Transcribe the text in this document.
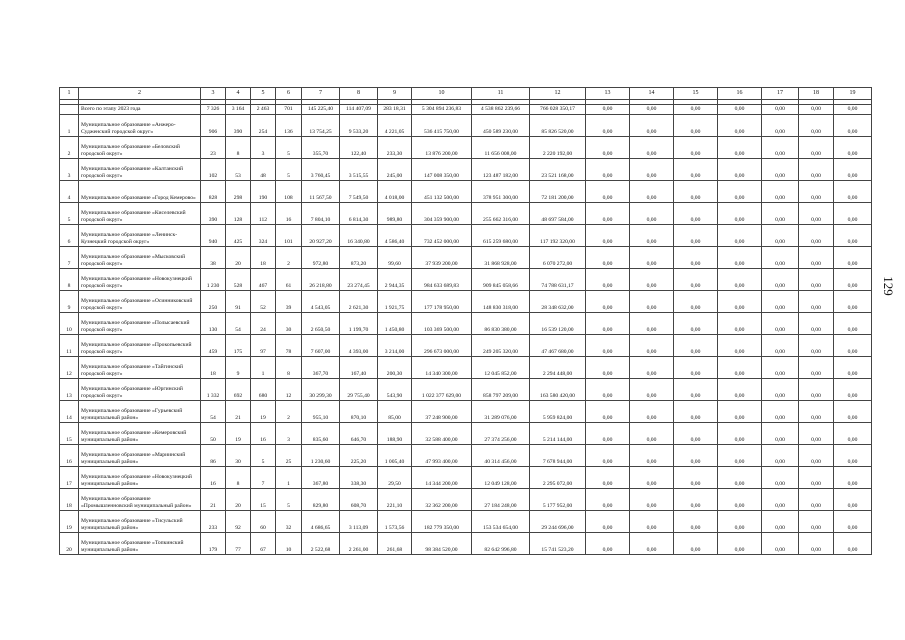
129
1	2	3	4	5	6	7	8	9	10	11	12	13	14	15	16	17	18	19

	Всего по этапу 2023 года	7 326	3 164	2 463	701	145 225,40	114 407,09	283 18,31	5 304 894 236,83	4 538 862 239,66	766 028 350,17	0,00	0,00	0,00	0,00	0,00	0,00	0,00
1	Муниципальное образование «Анжеро-Судженский городской округ»	906	390	254	136	13 754,25	9 533,20	4 221,05	536 415 750,00	450 589 230,00	85 826 520,00	0,00	0,00	0,00	0,00	0,00	0,00	0,00
2	Муниципальное образование «Беловский городской округ»	23	8	3	5	355,70	122,40	233,30	13 876 200,00	11 656 008,00	2 220 192,00	0,00	0,00	0,00	0,00	0,00	0,00	0,00
3	Муниципальное образование «Калтанский городской округ»	102	53	48	5	3 760,45	3 515,55	245,00	147 008 350,00	123 487 182,00	23 521 168,00	0,00	0,00	0,00	0,00	0,00	0,00	0,00
4	Муниципальное образование «Город Кемерово»	828	298	190	108	11 567,50	7 549,50	4 018,00	451 132 500,00	378 951 300,00	72 181 200,00	0,00	0,00	0,00	0,00	0,00	0,00	0,00
5	Муниципальное образование «Киселевский городской округ»	390	128	112	16	7 804,10	6 814,30	989,80	304 359 900,00	255 662 316,00	48 697 584,00	0,00	0,00	0,00	0,00	0,00	0,00	0,00
6	Муниципальное образование «Ленинск-Кузнецкий городской округ»	940	425	324	101	20 927,20	16 340,80	4 586,40	732 452 000,00	615 259 680,00	117 192 320,00	0,00	0,00	0,00	0,00	0,00	0,00	0,00
7	Муниципальное образование «Мысковский городской округ»	38	20	18	2	972,80	873,20	99,60	37 939 200,00	31 868 928,00	6 070 272,00	0,00	0,00	0,00	0,00	0,00	0,00	0,00
8	Муниципальное образование «Новокузнецкий городской округ»	1 230	528	467	61	26 218,80	23 274,45	2 944,35	984 633 689,83	909 845 058,66	74 788 631,17	0,00	0,00	0,00	0,00	0,00	0,00	0,00
9	Муниципальное образование «Осинниковский городской округ»	250	91	52	39	4 543,05	2 621,30	1 921,75	177 178 950,00	148 830 318,00	28 348 632,00	0,00	0,00	0,00	0,00	0,00	0,00	0,00
10	Муниципальное образование «Полысаевский городской округ»	130	54	24	30	2 650,50	1 199,70	1 450,80	103 369 500,00	86 830 380,00	16 539 120,00	0,00	0,00	0,00	0,00	0,00	0,00	0,00
11	Муниципальное образование «Прокопьевский городской округ»	459	175	97	78	7 607,00	4 393,00	3 214,00	296 673 000,00	249 205 320,00	47 467 680,00	0,00	0,00	0,00	0,00	0,00	0,00	0,00
12	Муниципальное образование «Тайгинский городской округ»	18	9	1	8	367,70	167,40	200,30	14 340 300,00	12 045 852,00	2 294 448,00	0,00	0,00	0,00	0,00	0,00	0,00	0,00
13	Муниципальное образование «Юргинский городской округ»	1 332	692	680	12	30 299,30	29 755,40	543,90	1 022 377 629,00	858 797 209,00	163 580 420,00	0,00	0,00	0,00	0,00	0,00	0,00	0,00
14	Муниципальное образование «Гурьевский муниципальный район»	54	21	19	2	955,10	870,10	85,00	37 248 900,00	31 289 076,00	5 959 824,00	0,00	0,00	0,00	0,00	0,00	0,00	0,00
15	Муниципальное образование «Кемеровский муниципальный район»	50	19	16	3	835,60	646,70	188,90	32 588 400,00	27 374 256,00	5 214 144,00	0,00	0,00	0,00	0,00	0,00	0,00	0,00
16	Муниципальное образование «Мариинский муниципальный район»	86	30	5	25	1 230,60	225,20	1 005,40	47 993 400,00	40 314 456,00	7 678 944,00	0,00	0,00	0,00	0,00	0,00	0,00	0,00
17	Муниципальное образование «Новокузнецкий муниципальный район»	16	8	7	1	367,80	338,30	29,50	14 344 200,00	12 049 128,00	2 295 072,00	0,00	0,00	0,00	0,00	0,00	0,00	0,00
18	Муниципальное образование «Промышленновский муниципальный район»	21	20	15	5	829,80	608,70	221,10	32 362 200,00	27 184 248,00	5 177 952,00	0,00	0,00	0,00	0,00	0,00	0,00	0,00
19	Муниципальное образование «Тисульский муниципальный район»	233	92	60	32	4 686,65	3 113,09	1 573,56	182 779 350,00	153 534 654,00	29 244 696,00	0,00	0,00	0,00	0,00	0,00	0,00	0,00
20	Муниципальное образование «Топкинский муниципальный район»	179	77	67	10	2 522,68	2 261,00	261,68	98 384 520,00	82 642 996,80	15 741 523,20	0,00	0,00	0,00	0,00	0,00	0,00	0,00
